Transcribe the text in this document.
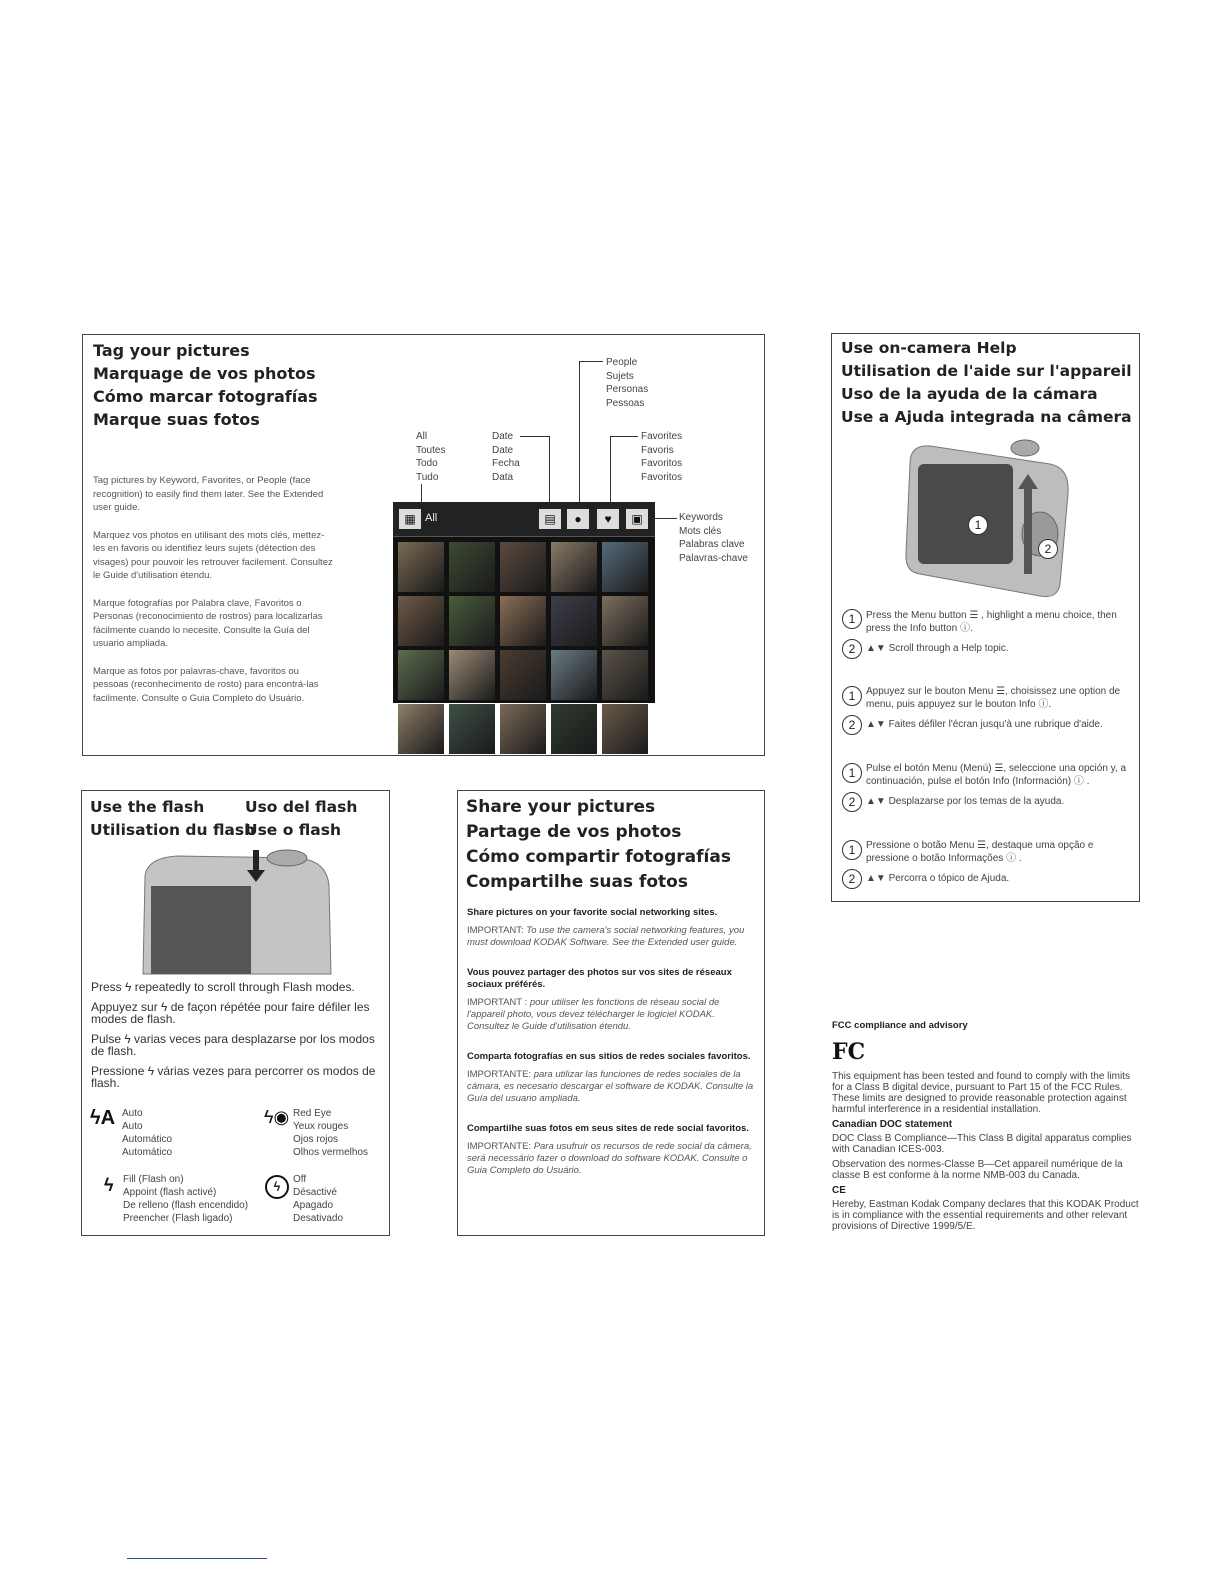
Tag your pictures
Marquage de vos photos
Cómo marcar fotografías
Marque suas fotos

Tag pictures by Keyword, Favorites, or People (face recognition) to easily find them later. See the Extended user guide.

Marquez vos photos en utilisant des mots clés, mettez-les en favoris ou identifiez leurs sujets (détection des visages) pour pouvoir les retrouver facilement. Consultez le Guide d'utilisation étendu.

Marque fotografías por Palabra clave, Favoritos o Personas (reconocimiento de rostros) para localizarlas fácilmente cuando lo necesite. Consulte la Guía del usuario ampliada.

Marque as fotos por palavras-chave, favoritos ou pessoas (reconhecimento de rosto) para encontrá-las facilmente. Consulte o Guia Completo do Usuário.

All
Toutes
Todo
Tudo
Date
Date
Fecha
Data
People
Sujets
Personas
Pessoas
Favorites
Favoris
Favoritos
Favoritos
Keywords
Mots clés
Palabras clave
Palavras-chave
▦ All	▤	●	♥	▣
Use on-camera Help
Utilisation de l'aide sur l'appareil
Uso de la ayuda de la cámara
Use a Ajuda integrada na câmera
1
2
1	Press the Menu button ☰ , highlight a menu choice, then press the Info button ⓘ.
2	▲▼ Scroll through a Help topic.
1	Appuyez sur le bouton Menu ☰, choisissez une option de menu, puis appuyez sur le bouton Info ⓘ.
2	▲▼ Faites défiler l'écran jusqu'à une rubrique d'aide.
1	Pulse el botón Menu (Menú) ☰, seleccione una opción y, a continuación, pulse el botón Info (Información) ⓘ .
2	▲▼ Desplazarse por los temas de la ayuda.
1	Pressione o botão Menu ☰, destaque uma opção e pressione o botão Informações ⓘ .
2	▲▼ Percorra o tópico de Ajuda.
Use the flash	Uso del flash
Utilisation du flash
Use o flash

Press ϟ repeatedly to scroll through Flash modes.

Appuyez sur ϟ de façon répétée pour faire défiler les modes de flash.

Pulse ϟ varias veces para desplazarse por los modos de flash.

Pressione ϟ várias vezes para percorrer os modos de flash.

ϟA Auto
Auto
Automático
Automático
ϟ◉ Red Eye
Yeux rouges
Ojos rojos
Olhos vermelhos
ϟ Fill (Flash on)
Appoint (flash activé)
De relleno (flash encendido)
Preencher (Flash ligado)
ϟ	Off
Désactivé
Apagado
Desativado
Share your pictures
Partage de vos photos
Cómo compartir fotografías
Compartilhe suas fotos
Share pictures on your favorite social networking sites.
IMPORTANT: To use the camera's social networking features, you must download KODAK Software. See the Extended user guide.
Vous pouvez partager des photos sur vos sites de réseaux sociaux préférés.
IMPORTANT : pour utiliser les fonctions de réseau social de l'appareil photo, vous devez télécharger le logiciel KODAK. Consultez le Guide d'utilisation étendu.
Comparta fotografías en sus sitios de redes sociales favoritos.
IMPORTANTE: para utilizar las funciones de redes sociales de la cámara, es necesario descargar el software de KODAK. Consulte la Guía del usuario ampliada.
Compartilhe suas fotos em seus sites de rede social favoritos.
IMPORTANTE: Para usufruir os recursos de rede social da câmera, será necessário fazer o download do software KODAK. Consulte o Guia Completo do Usuário.
FCC compliance and advisory
FC
This equipment has been tested and found to comply with the limits for a Class B digital device, pursuant to Part 15 of the FCC Rules. These limits are designed to provide reasonable protection against harmful interference in a residential installation.
Canadian DOC statement
DOC Class B Compliance—This Class B digital apparatus complies with Canadian ICES-003.
Observation des normes-Classe B—Cet appareil numérique de la classe B est conforme à la norme NMB-003 du Canada.
CE
Hereby, Eastman Kodak Company declares that this KODAK Product is in compliance with the essential requirements and other relevant provisions of Directive 1999/5/E.
